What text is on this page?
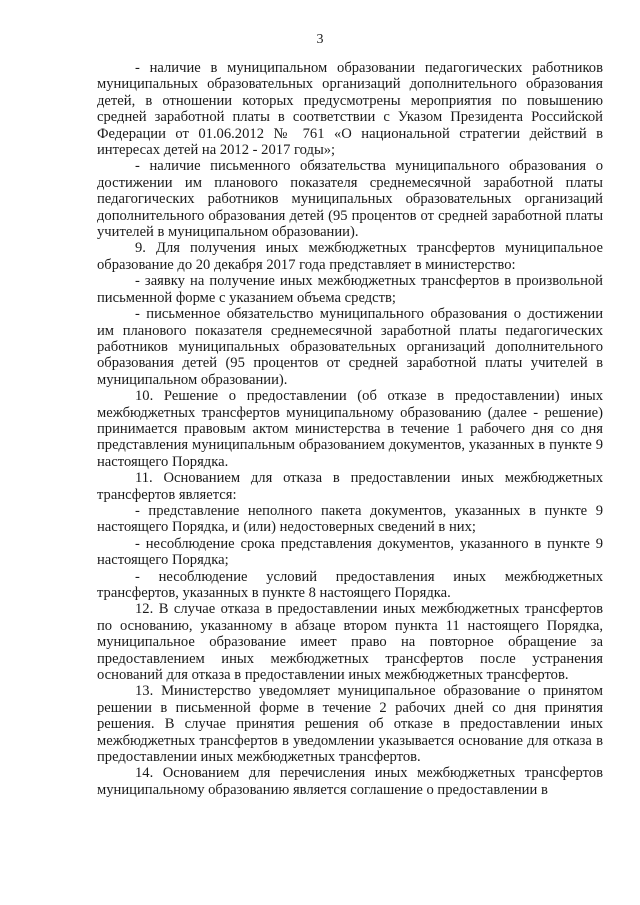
3

- наличие в муниципальном образовании педагогических работников муниципальных образовательных организаций дополнительного образования детей, в отношении которых предусмотрены мероприятия по повышению средней заработной платы в соответствии с Указом Президента Российской Федерации от 01.06.2012 № 761 «О национальной стратегии действий в интересах детей на 2012 - 2017 годы»;

- наличие письменного обязательства муниципального образования о достижении им планового показателя среднемесячной заработной платы педагогических работников муниципальных образовательных организаций дополнительного образования детей (95 процентов от средней заработной платы учителей в муниципальном образовании).

9. Для получения иных межбюджетных трансфертов муниципальное образование до 20 декабря 2017 года представляет в министерство:

- заявку на получение иных межбюджетных трансфертов в произвольной письменной форме с указанием объема средств;

- письменное обязательство муниципального образования о достижении им планового показателя среднемесячной заработной платы педагогических работников муниципальных образовательных организаций дополнительного образования детей (95 процентов от средней заработной платы учителей в муниципальном образовании).

10. Решение о предоставлении (об отказе в предоставлении) иных межбюджетных трансфертов муниципальному образованию (далее - решение) принимается правовым актом министерства в течение 1 рабочего дня со дня представления муниципальным образованием документов, указанных в пункте 9 настоящего Порядка.

11. Основанием для отказа в предоставлении иных межбюджетных трансфертов является:

- представление неполного пакета документов, указанных в пункте 9 настоящего Порядка, и (или) недостоверных сведений в них;

- несоблюдение срока представления документов, указанного в пункте 9 настоящего Порядка;

- несоблюдение условий предоставления иных межбюджетных трансфертов, указанных в пункте 8 настоящего Порядка.

12. В случае отказа в предоставлении иных межбюджетных трансфертов по основанию, указанному в абзаце втором пункта 11 настоящего Порядка, муниципальное образование имеет право на повторное обращение за предоставлением иных межбюджетных трансфертов после устранения оснований для отказа в предоставлении иных межбюджетных трансфертов.

13. Министерство уведомляет муниципальное образование о принятом решении в письменной форме в течение 2 рабочих дней со дня принятия решения. В случае принятия решения об отказе в предоставлении иных межбюджетных трансфертов в уведомлении указывается основание для отказа в предоставлении иных межбюджетных трансфертов.

14. Основанием для перечисления иных межбюджетных трансфертов муниципальному образованию является соглашение о предоставлении в
